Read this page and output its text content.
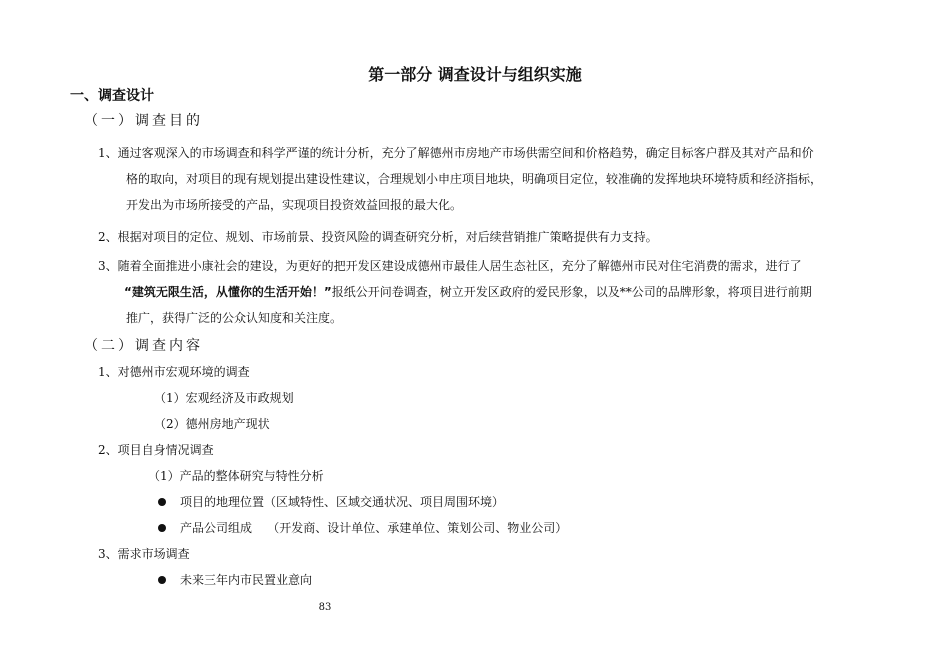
第一部分 调查设计与组织实施
一、调查设计
（一）调查目的
1、通过客观深入的市场调查和科学严谨的统计分析，充分了解德州市房地产市场供需空间和价格趋势，确定目标客户群及其对产品和价
格的取向，对项目的现有规划提出建设性建议，合理规划小申庄项目地块，明确项目定位，较准确的发挥地块环境特质和经济指标，
开发出为市场所接受的产品，实现项目投资效益回报的最大化。
2、根据对项目的定位、规划、市场前景、投资风险的调查研究分析，对后续营销推广策略提供有力支持。
3、随着全面推进小康社会的建设，为更好的把开发区建设成德州市最佳人居生态社区，充分了解德州市民对住宅消费的需求，进行了
“建筑无限生活，从懂你的生活开始！”报纸公开问卷调查，树立开发区政府的爱民形象，以及**公司的品牌形象，将项目进行前期
推广，获得广泛的公众认知度和关注度。
（二）调查内容
1、对德州市宏观环境的调查
（1）宏观经济及市政规划
（2）德州房地产现状
2、项目自身情况调查
（1）产品的整体研究与特性分析
项目的地理位置（区域特性、区域交通状况、项目周围环境）
产品公司组成    （开发商、设计单位、承建单位、策划公司、物业公司）
3、需求市场调查
未来三年内市民置业意向
83
